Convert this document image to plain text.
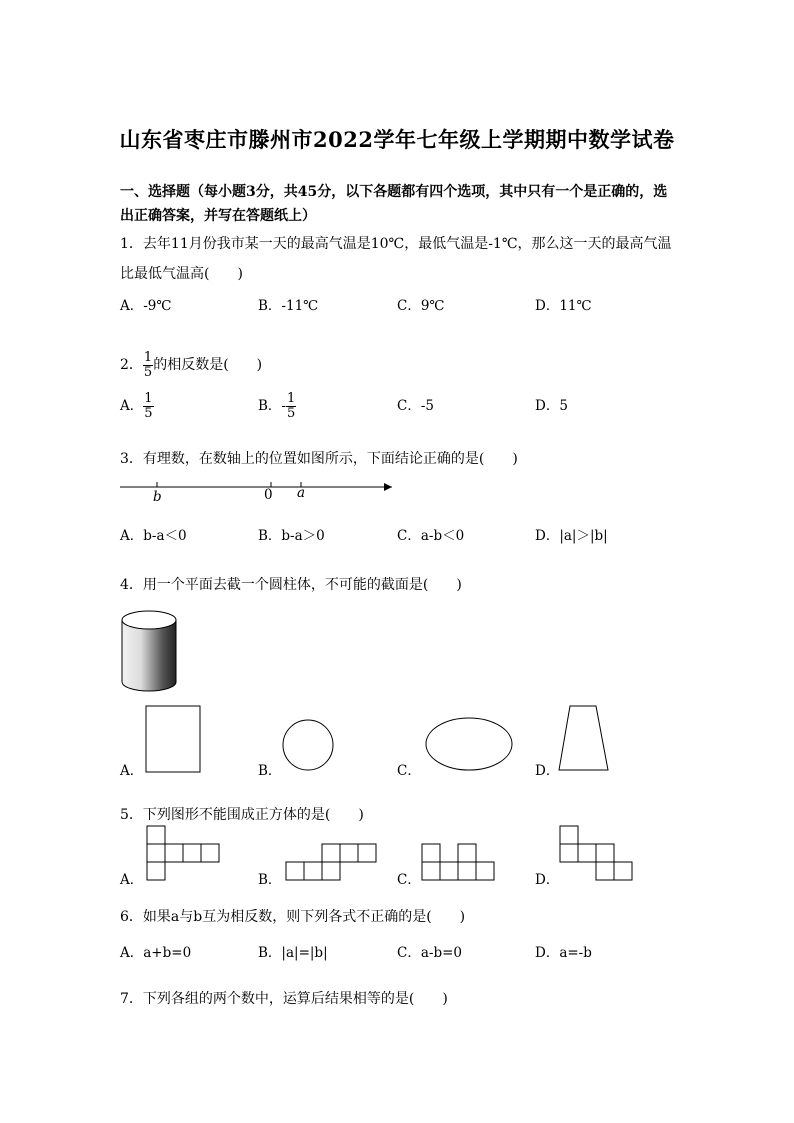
山东省枣庄市滕州市2022学年七年级上学期期中数学试卷
一、选择题（每小题3分，共45分，以下各题都有四个选项，其中只有一个是正确的，选出正确答案，并写在答题纸上）
1．去年11月份我市某一天的最高气温是10℃，最低气温是-1℃，那么这一天的最高气温比最低气温高(　　)
A．-9℃	B．-11℃	C．9℃	D．11℃
2． $\frac{1}{5}$ 的相反数是(　　)
A． $\frac{1}{5}$	B．- $\frac{1}{5}$	C．-5	D．5
3．有理数，在数轴上的位置如图所示，下面结论正确的是(　　)
b	0 a
A．b-a＜0	B．b-a＞0	C．a-b＜0	D．|a|＞|b|
4．用一个平面去截一个圆柱体，不可能的截面是(　　)
A．	B．	C．	D．
5．下列图形不能围成正方体的是(　　)
A．	B．	C．	D．
6．如果a与b互为相反数，则下列各式不正确的是(　　)
A．a+b=0	B．|a|=|b|	C．a-b=0	D．a=-b
7．下列各组的两个数中，运算后结果相等的是(　　)
